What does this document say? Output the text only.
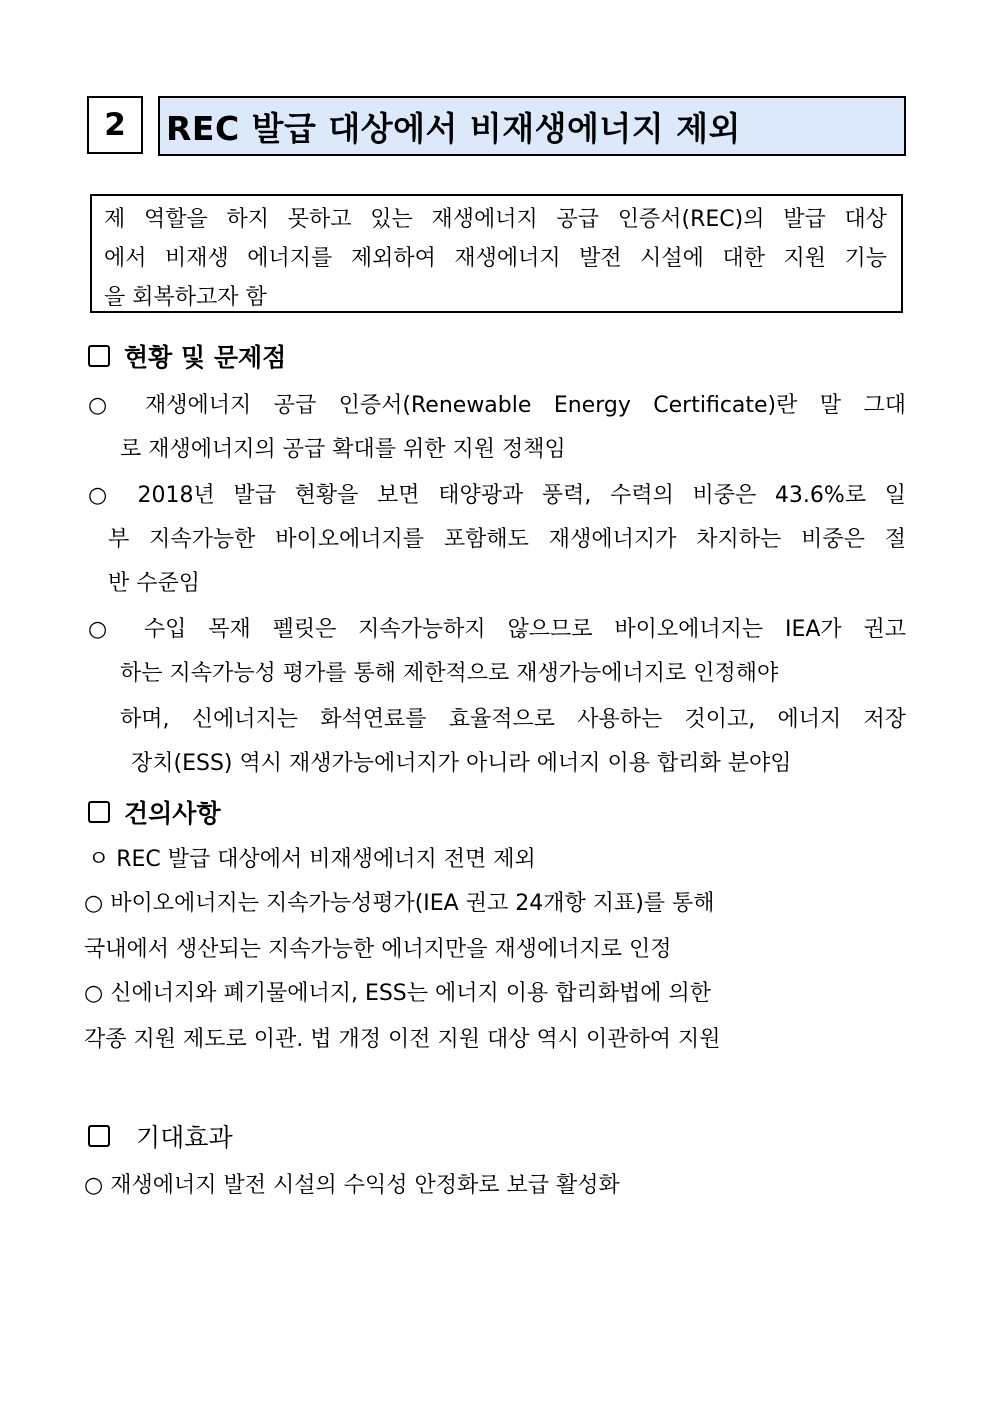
2 REC 발급 대상에서 비재생에너지 제외
제 역할을 하지 못하고 있는 재생에너지 공급 인증서(REC)의 발급 대상
에서 비재생 에너지를 제외하여 재생에너지 발전 시설에 대한 지원 기능
을 회복하고자 함
현황 및 문제점
○ 재생에너지 공급 인증서(Renewable Energy Certificate)란 말 그대
로 재생에너지의 공급 확대를 위한 지원 정책임
○ 2018년 발급 현황을 보면 태양광과 풍력, 수력의 비중은 43.6%로 일
부 지속가능한 바이오에너지를 포함해도 재생에너지가 차지하는 비중은 절
반 수준임
○ 수입 목재 펠릿은 지속가능하지 않으므로 바이오에너지는 IEA가 권고
하는 지속가능성 평가를 통해 제한적으로 재생가능에너지로 인정해야
하며, 신에너지는 화석연료를 효율적으로 사용하는 것이고, 에너지 저장
장치(ESS) 역시 재생가능에너지가 아니라 에너지 이용 합리화 분야임
건의사항
ㅇ REC 발급 대상에서 비재생에너지 전면 제외
○ 바이오에너지는 지속가능성평가(IEA 권고 24개항 지표)를 통해
국내에서 생산되는 지속가능한 에너지만을 재생에너지로 인정
○ 신에너지와 폐기물에너지, ESS는 에너지 이용 합리화법에 의한
각종 지원 제도로 이관. 법 개정 이전 지원 대상 역시 이관하여 지원
기대효과
○ 재생에너지 발전 시설의 수익성 안정화로 보급 활성화
